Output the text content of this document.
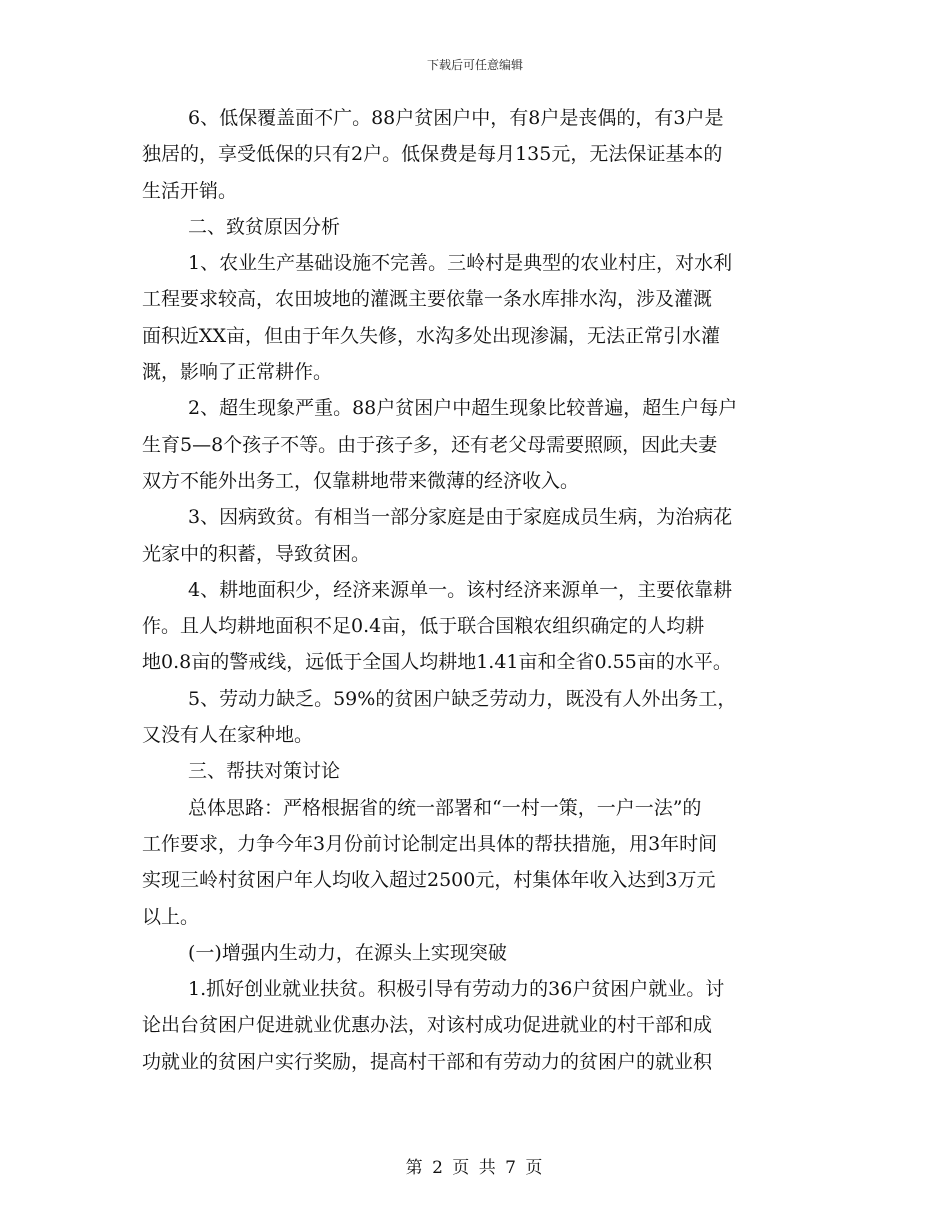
下载后可任意编辑
6、低保覆盖面不广。88户贫困户中，有8户是丧偶的，有3户是
独居的，享受低保的只有2户。低保费是每月135元，无法保证基本的
生活开销。
二、致贫原因分析
1、农业生产基础设施不完善。三岭村是典型的农业村庄，对水利
工程要求较高，农田坡地的灌溉主要依靠一条水库排水沟，涉及灌溉
面积近XX亩，但由于年久失修，水沟多处出现渗漏，无法正常引水灌
溉，影响了正常耕作。
2、超生现象严重。88户贫困户中超生现象比较普遍，超生户每户
生育5—8个孩子不等。由于孩子多，还有老父母需要照顾，因此夫妻
双方不能外出务工，仅靠耕地带来微薄的经济收入。
3、因病致贫。有相当一部分家庭是由于家庭成员生病，为治病花
光家中的积蓄，导致贫困。
4、耕地面积少，经济来源单一。该村经济来源单一，主要依靠耕
作。且人均耕地面积不足0.4亩，低于联合国粮农组织确定的人均耕
地0.8亩的警戒线，远低于全国人均耕地1.41亩和全省0.55亩的水平。
5、劳动力缺乏。59%的贫困户缺乏劳动力，既没有人外出务工，
又没有人在家种地。
三、帮扶对策讨论
总体思路：严格根据省的统一部署和“一村一策，一户一法”的
工作要求，力争今年3月份前讨论制定出具体的帮扶措施，用3年时间
实现三岭村贫困户年人均收入超过2500元，村集体年收入达到3万元
以上。
(一)增强内生动力，在源头上实现突破
1.抓好创业就业扶贫。积极引导有劳动力的36户贫困户就业。讨
论出台贫困户促进就业优惠办法，对该村成功促进就业的村干部和成
功就业的贫困户实行奖励，提高村干部和有劳动力的贫困户的就业积
第 2 页 共 7 页
